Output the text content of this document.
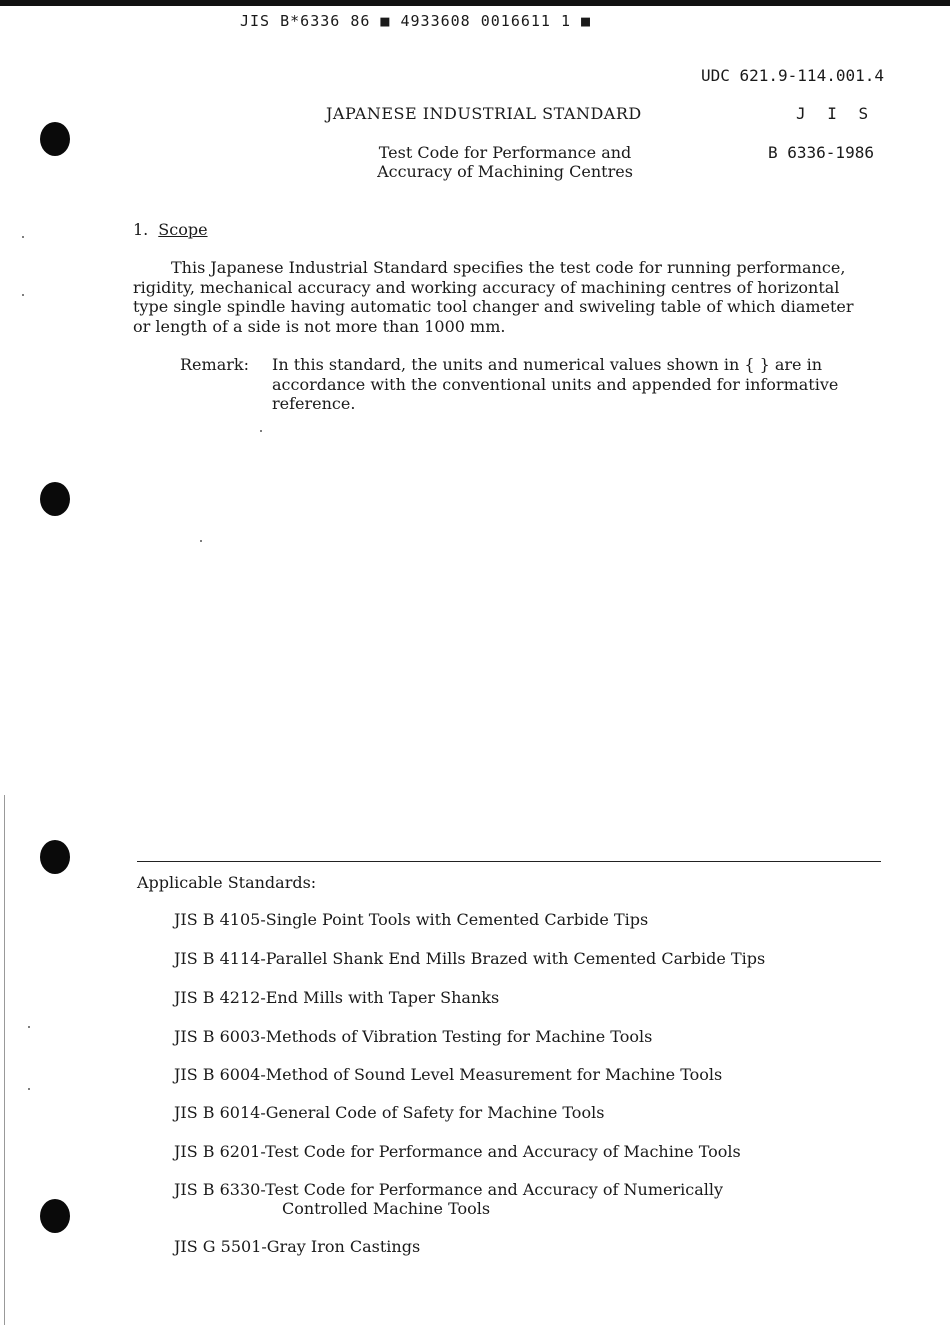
JIS B*6336 86 ■ 4933608 0016611 1 ■
UDC 621.9-114.001.4
JAPANESE INDUSTRIAL STANDARD	J I S
Test Code for Performance and
Accuracy of Machining Centres
B 6336-1986
1. Scope
This Japanese Industrial Standard specifies the test code for running performance, rigidity, mechanical accuracy and working accuracy of machining centres of horizontal type single spindle having automatic tool changer and swiveling table of which diameter or length of a side is not more than 1000 mm.
Remark: In this standard, the units and numerical values shown in { } are in accordance with the conventional units and appended for informative reference.
Applicable Standards:
JIS B 4105-Single Point Tools with Cemented Carbide Tips
JIS B 4114-Parallel Shank End Mills Brazed with Cemented Carbide Tips
JIS B 4212-End Mills with Taper Shanks
JIS B 6003-Methods of Vibration Testing for Machine Tools
JIS B 6004-Method of Sound Level Measurement for Machine Tools
JIS B 6014-General Code of Safety for Machine Tools
JIS B 6201-Test Code for Performance and Accuracy of Machine Tools
JIS B 6330-Test Code for Performance and Accuracy of Numerically
Controlled Machine Tools
JIS G 5501-Gray Iron Castings
